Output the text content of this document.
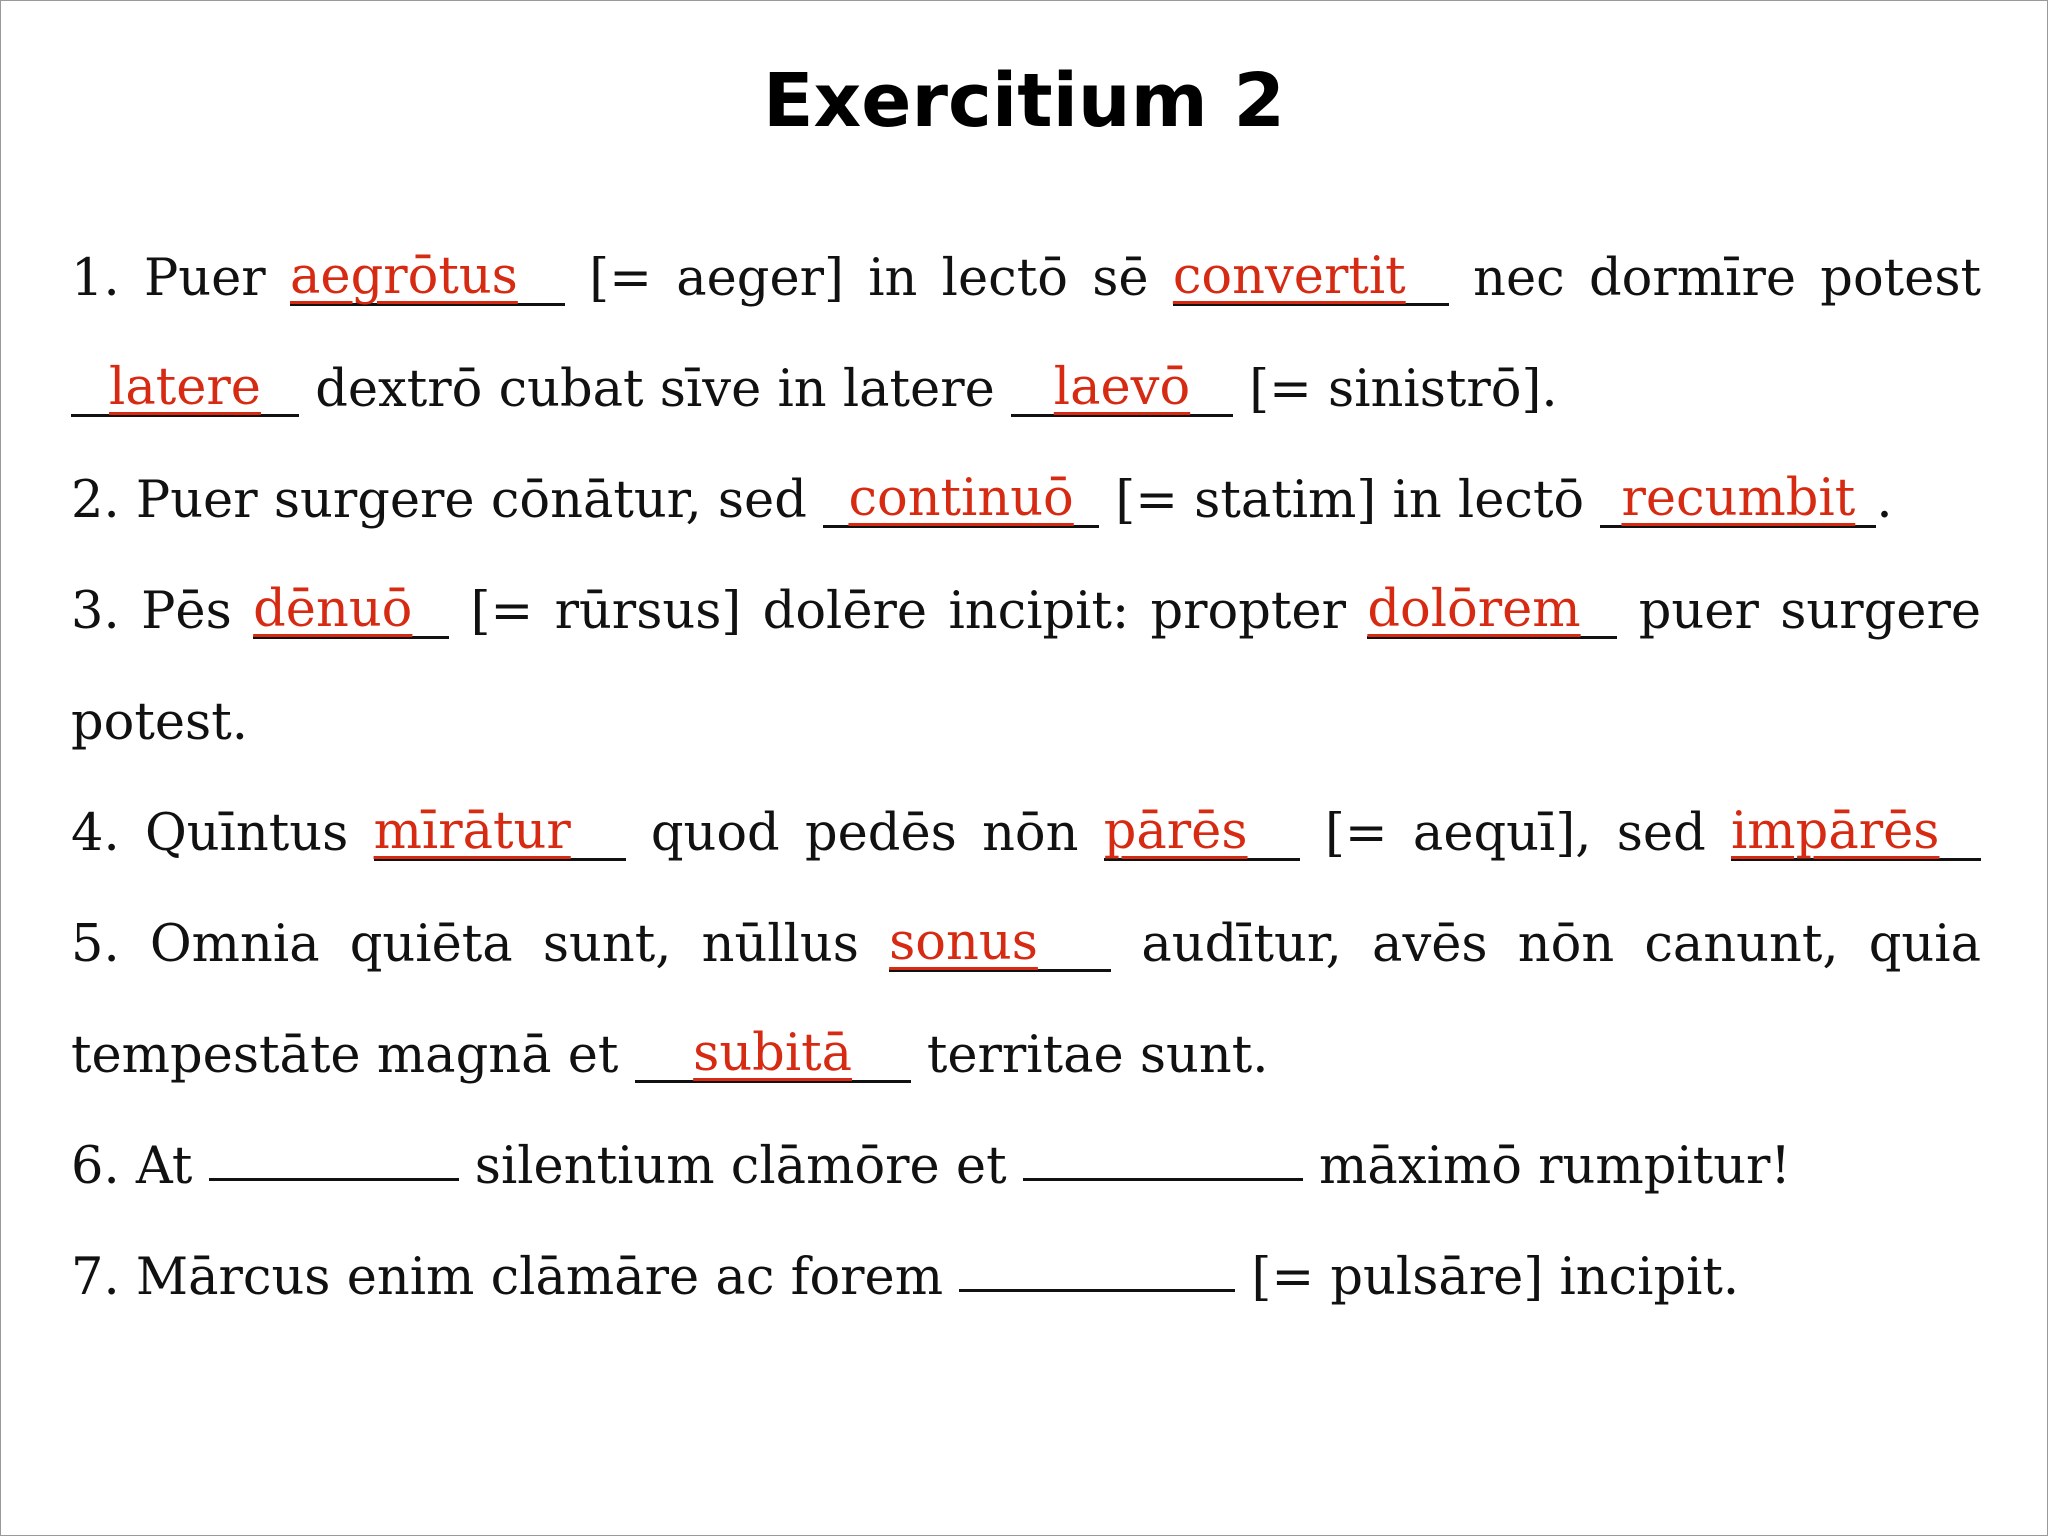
Exercitium 2
1. Puer aegrōtus [= aeger] in lectō sē convertit nec dormīre potest
latere dextrō cubat sīve in latere laevō [= sinistrō].
2. Puer surgere cōnātur, sed continuō [= statim] in lectō recumbit .
3. Pēs dēnuō [= rūrsus] dolēre incipit: propter dolōrem puer surgere
potest.
4. Quīntus mīrātur quod pedēs nōn pārēs [= aequī], sed impārēs
5. Omnia quiēta sunt, nūllus sonus audītur, avēs nōn canunt, quia
tempestāte magnā et subitā territae sunt.
6. At	silentium clāmōre et	māximō rumpitur!
7. Mārcus enim clāmāre ac forem	[= pulsāre] incipit.
